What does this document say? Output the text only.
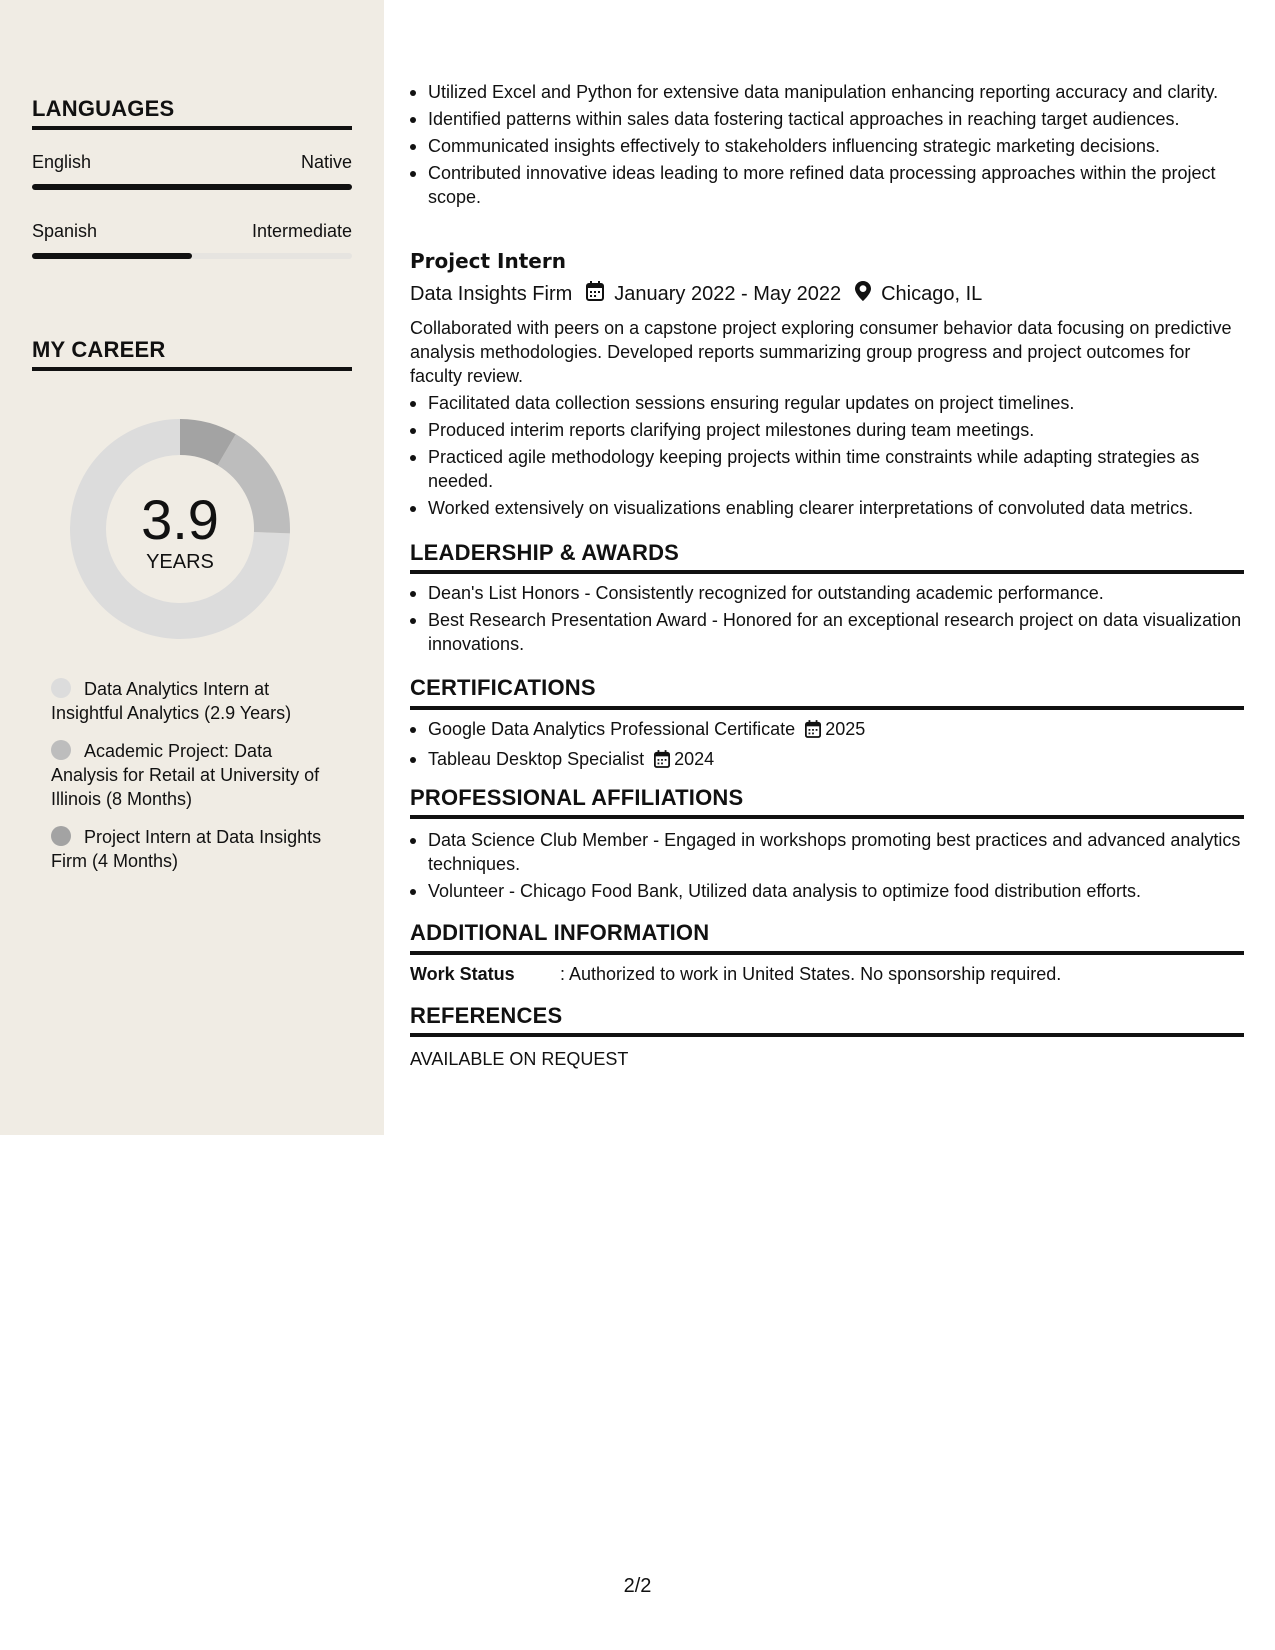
LANGUAGES
English	Native
Spanish	Intermediate
MY CAREER
3.9
YEARS
Data Analytics Intern at Insightful Analytics (2.9 Years)
Academic Project: Data Analysis for Retail at University of Illinois (8 Months)
Project Intern at Data Insights Firm (4 Months)
Utilized Excel and Python for extensive data manipulation enhancing reporting accuracy and clarity.
Identified patterns within sales data fostering tactical approaches in reaching target audiences.
Communicated insights effectively to stakeholders influencing strategic marketing decisions.
Contributed innovative ideas leading to more refined data processing approaches within the project scope.
Project Intern
Data Insights Firm January 2022 - May 2022 Chicago, IL
Collaborated with peers on a capstone project exploring consumer behavior data focusing on predictive analysis methodologies. Developed reports summarizing group progress and project outcomes for faculty review.
Facilitated data collection sessions ensuring regular updates on project timelines.
Produced interim reports clarifying project milestones during team meetings.
Practiced agile methodology keeping projects within time constraints while adapting strategies as needed.
Worked extensively on visualizations enabling clearer interpretations of convoluted data metrics.
LEADERSHIP & AWARDS
Dean's List Honors - Consistently recognized for outstanding academic performance.
Best Research Presentation Award - Honored for an exceptional research project on data visualization innovations.
CERTIFICATIONS
Google Data Analytics Professional Certificate 2025
Tableau Desktop Specialist 2024
PROFESSIONAL AFFILIATIONS
Data Science Club Member - Engaged in workshops promoting best practices and advanced analytics techniques.
Volunteer - Chicago Food Bank, Utilized data analysis to optimize food distribution efforts.
ADDITIONAL INFORMATION
Work Status	: Authorized to work in United States. No sponsorship required.
REFERENCES
AVAILABLE ON REQUEST
2/2
